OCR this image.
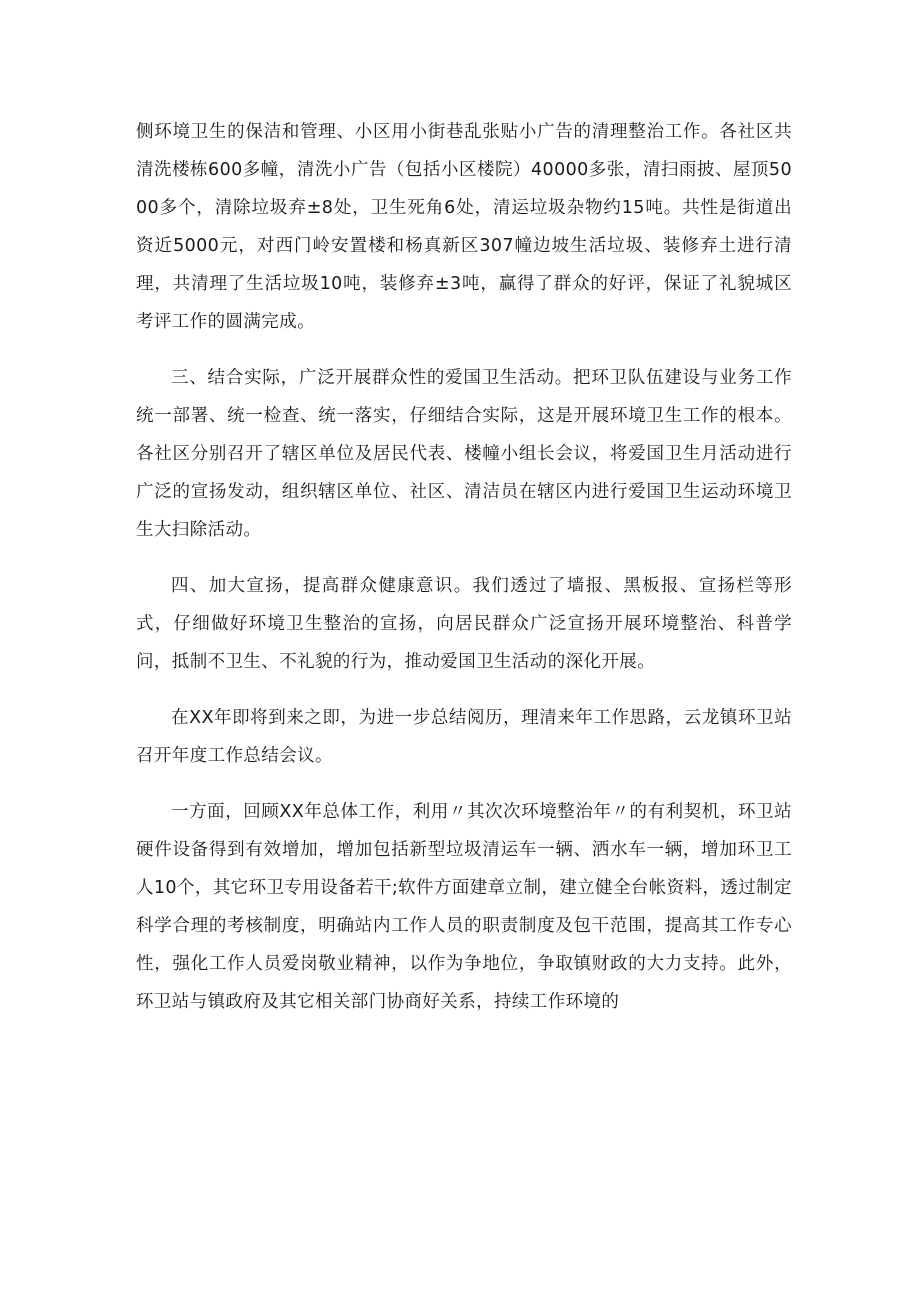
侧环境卫生的保洁和管理、小区用小街巷乱张贴小广告的清理整治工作。各社区共清洗楼栋600多幢，清洗小广告（包括小区楼院）40000多张，清扫雨披、屋顶5000多个，清除垃圾弃±8处，卫生死角6处，清运垃圾杂物约15吨。共性是街道出资近5000元，对西门岭安置楼和杨真新区307幢边坡生活垃圾、装修弃土进行清理，共清理了生活垃圾10吨，装修弃±3吨，赢得了群众的好评，保证了礼貌城区考评工作的圆满完成。

三、结合实际，广泛开展群众性的爱国卫生活动。把环卫队伍建设与业务工作统一部署、统一检查、统一落实，仔细结合实际，这是开展环境卫生工作的根本。各社区分别召开了辖区单位及居民代表、楼幢小组长会议，将爱国卫生月活动进行广泛的宣扬发动，组织辖区单位、社区、清洁员在辖区内进行爱国卫生运动环境卫生大扫除活动。

四、加大宣扬，提高群众健康意识。我们透过了墙报、黑板报、宣扬栏等形式，仔细做好环境卫生整治的宣扬，向居民群众广泛宣扬开展环境整治、科普学问，抵制不卫生、不礼貌的行为，推动爱国卫生活动的深化开展。

在XX年即将到来之即，为进一步总结阅历，理清来年工作思路，云龙镇环卫站召开年度工作总结会议。

一方面，回顾XX年总体工作，利用〃其次次环境整治年〃的有利契机，环卫站硬件设备得到有效增加，增加包括新型垃圾清运车一辆、洒水车一辆，增加环卫工人10个，其它环卫专用设备若干;软件方面建章立制，建立健全台帐资料，透过制定科学合理的考核制度，明确站内工作人员的职责制度及包干范围，提高其工作专心性，强化工作人员爱岗敬业精神，以作为争地位，争取镇财政的大力支持。此外，环卫站与镇政府及其它相关部门协商好关系，持续工作环境的
